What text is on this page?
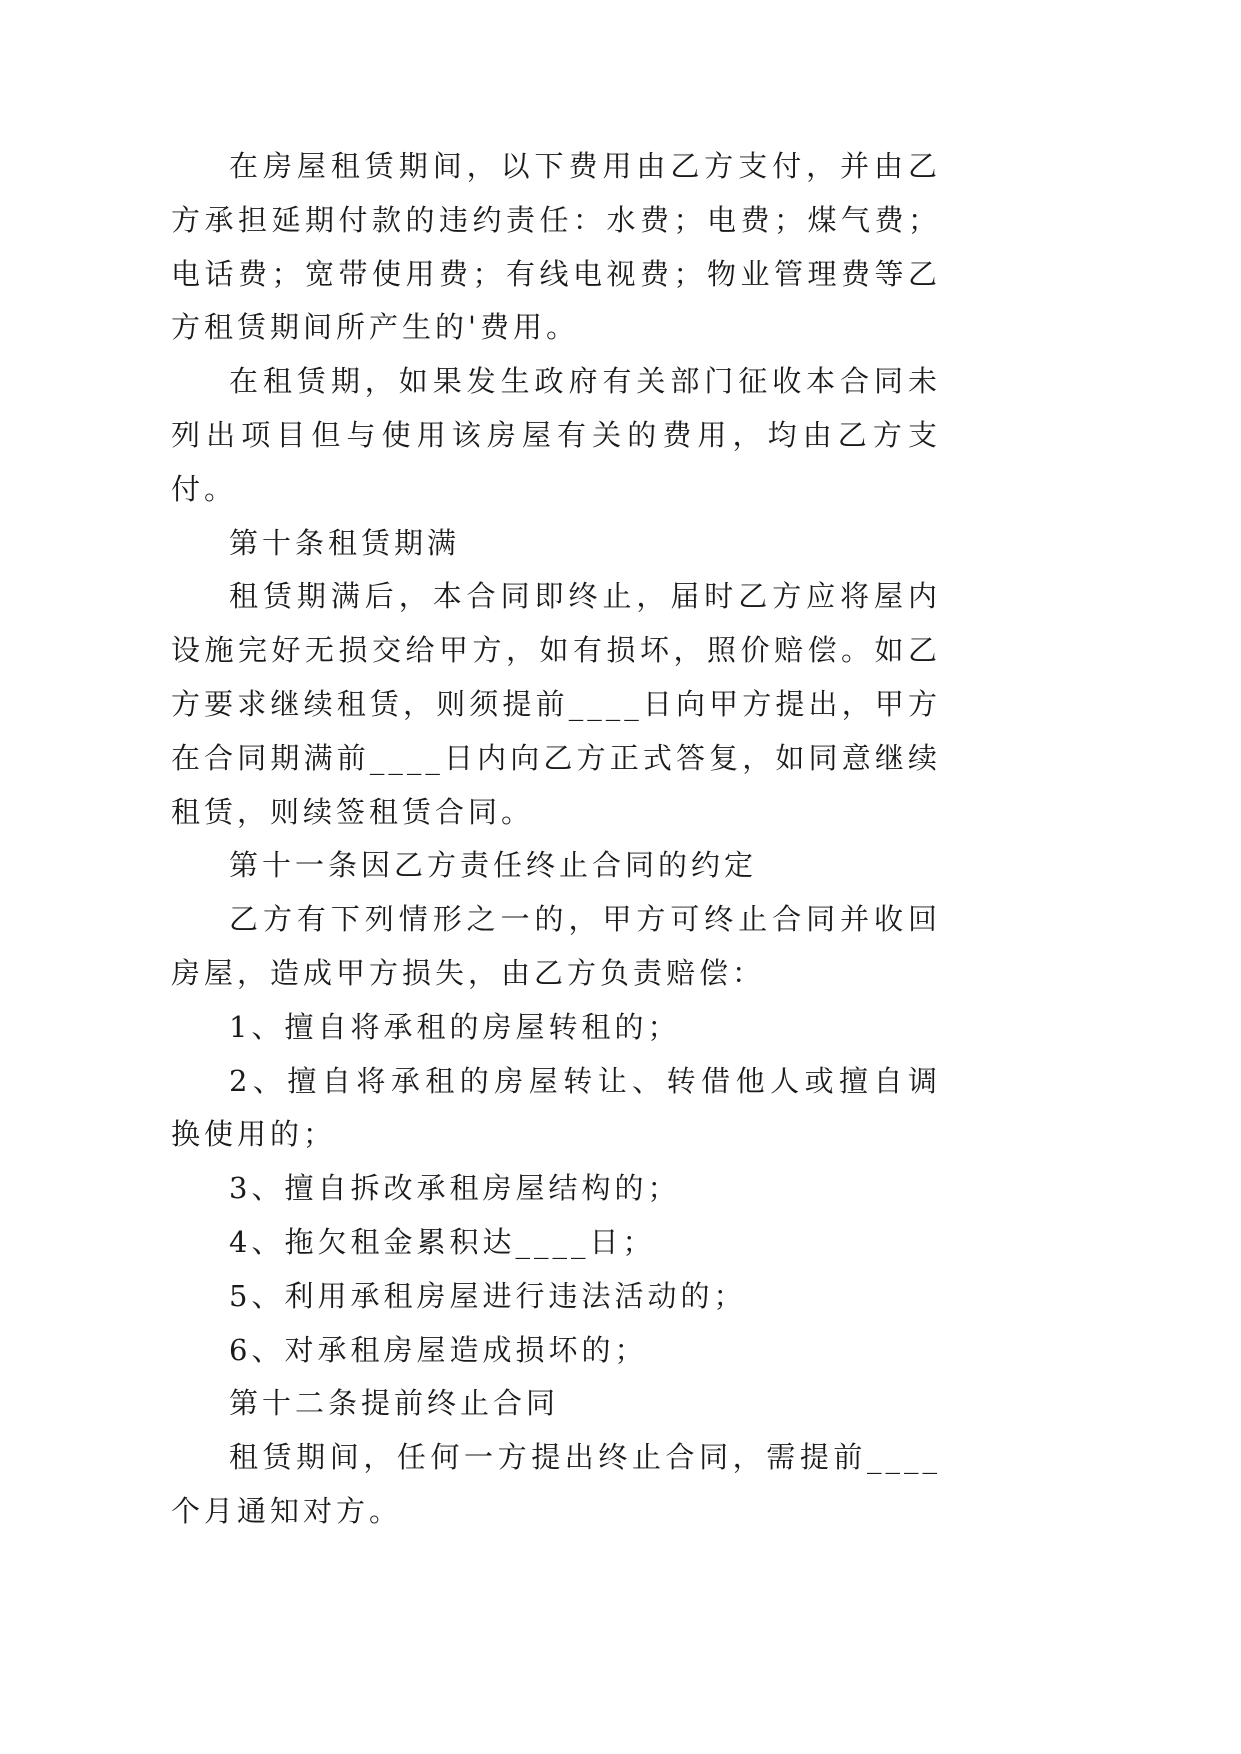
在房屋租赁期间，以下费用由乙方支付，并由乙方承担延期付款的违约责任：水费；电费；煤气费；电话费；宽带使用费；有线电视费；物业管理费等乙方租赁期间所产生的'费用。

在租赁期，如果发生政府有关部门征收本合同未列出项目但与使用该房屋有关的费用，均由乙方支付。

第十条租赁期满

租赁期满后，本合同即终止，届时乙方应将屋内设施完好无损交给甲方，如有损坏，照价赔偿。如乙方要求继续租赁，则须提前____日向甲方提出，甲方在合同期满前____日内向乙方正式答复，如同意继续租赁，则续签租赁合同。

第十一条因乙方责任终止合同的约定

乙方有下列情形之一的，甲方可终止合同并收回房屋，造成甲方损失，由乙方负责赔偿：

1、擅自将承租的房屋转租的；

2、擅自将承租的房屋转让、转借他人或擅自调换使用的；

3、擅自拆改承租房屋结构的；

4、拖欠租金累积达____日；

5、利用承租房屋进行违法活动的；

6、对承租房屋造成损坏的；

第十二条提前终止合同

租赁期间，任何一方提出终止合同，需提前____个月通知对方。
